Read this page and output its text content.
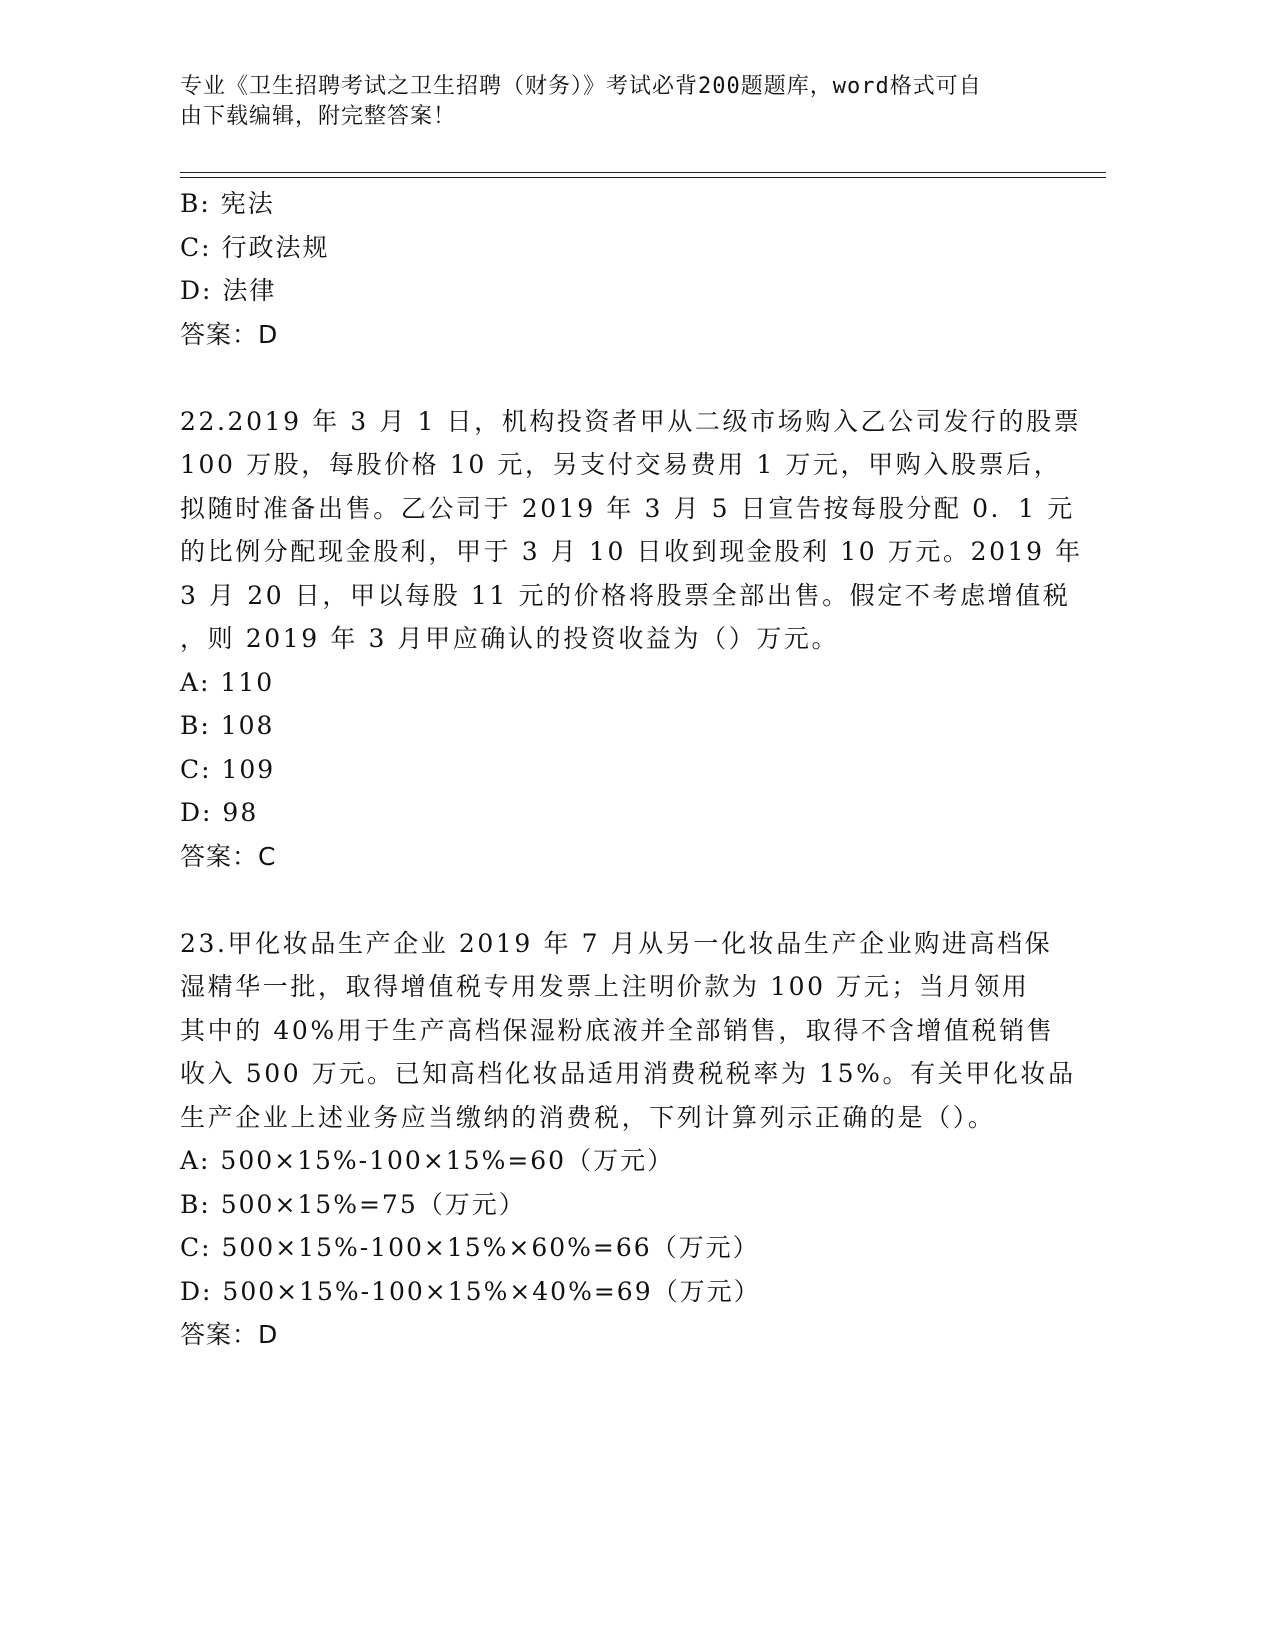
专业《卫生招聘考试之卫生招聘（财务）》考试必背200题题库，word格式可自
由下载编辑，附完整答案！
B: 宪法
C: 行政法规
D: 法律
答案：D
22.2019 年 3 月 1 日，机构投资者甲从二级市场购入乙公司发行的股票
100 万股，每股价格 10 元，另支付交易费用 1 万元，甲购入股票后，
拟随时准备出售。乙公司于 2019 年 3 月 5 日宣告按每股分配 0．1 元
的比例分配现金股利，甲于 3 月 10 日收到现金股利 10 万元。2019 年
3 月 20 日，甲以每股 11 元的价格将股票全部出售。假定不考虑增值税
，则 2019 年 3 月甲应确认的投资收益为（）万元。
A: 110
B: 108
C: 109
D: 98
答案：C
23.甲化妆品生产企业 2019 年 7 月从另一化妆品生产企业购进高档保
湿精华一批，取得增值税专用发票上注明价款为 100 万元；当月领用
其中的 40%用于生产高档保湿粉底液并全部销售，取得不含增值税销售
收入 500 万元。已知高档化妆品适用消费税税率为 15%。有关甲化妆品
生产企业上述业务应当缴纳的消费税，下列计算列示正确的是（）。
A: 500×15%-100×15%=60（万元）
B: 500×15%=75（万元）
C: 500×15%-100×15%×60%=66（万元）
D: 500×15%-100×15%×40%=69（万元）
答案：D
